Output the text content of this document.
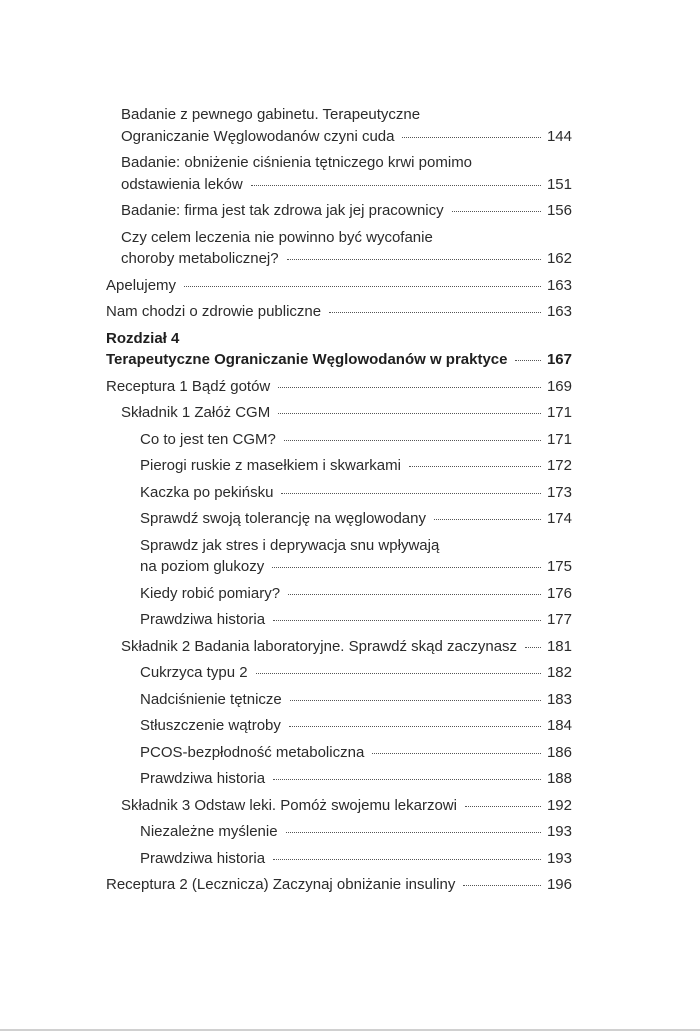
Badanie z pewnego gabinetu. Terapeutyczne
Ograniczanie Węglowodanów czyni cuda	144
Badanie: obniżenie ciśnienia tętniczego krwi pomimo
odstawienia leków	151
Badanie: firma jest tak zdrowa jak jej pracownicy	156
Czy celem leczenia nie powinno być wycofanie
choroby metabolicznej?	162
Apelujemy	163
Nam chodzi o zdrowie publiczne	163
Rozdział 4
Terapeutyczne Ograniczanie Węglowodanów w praktyce	167
Receptura 1 Bądź gotów	169
Składnik 1 Załóż CGM	171
Co to jest ten CGM?	171
Pierogi ruskie z masełkiem i skwarkami	172
Kaczka po pekińsku	173
Sprawdź swoją tolerancję na węglowodany	174
Sprawdz jak stres i deprywacja snu wpływają
na poziom glukozy	175
Kiedy robić pomiary?	176
Prawdziwa historia	177
Składnik 2 Badania laboratoryjne. Sprawdź skąd zaczynasz 181
Cukrzyca typu 2	182
Nadciśnienie tętnicze	183
Stłuszczenie wątroby	184
PCOS-bezpłodność metaboliczna	186
Prawdziwa historia	188
Składnik 3 Odstaw leki. Pomóż swojemu lekarzowi	192
Niezależne myślenie	193
Prawdziwa historia	193
Receptura 2 (Lecznicza) Zaczynaj obniżanie insuliny	196
